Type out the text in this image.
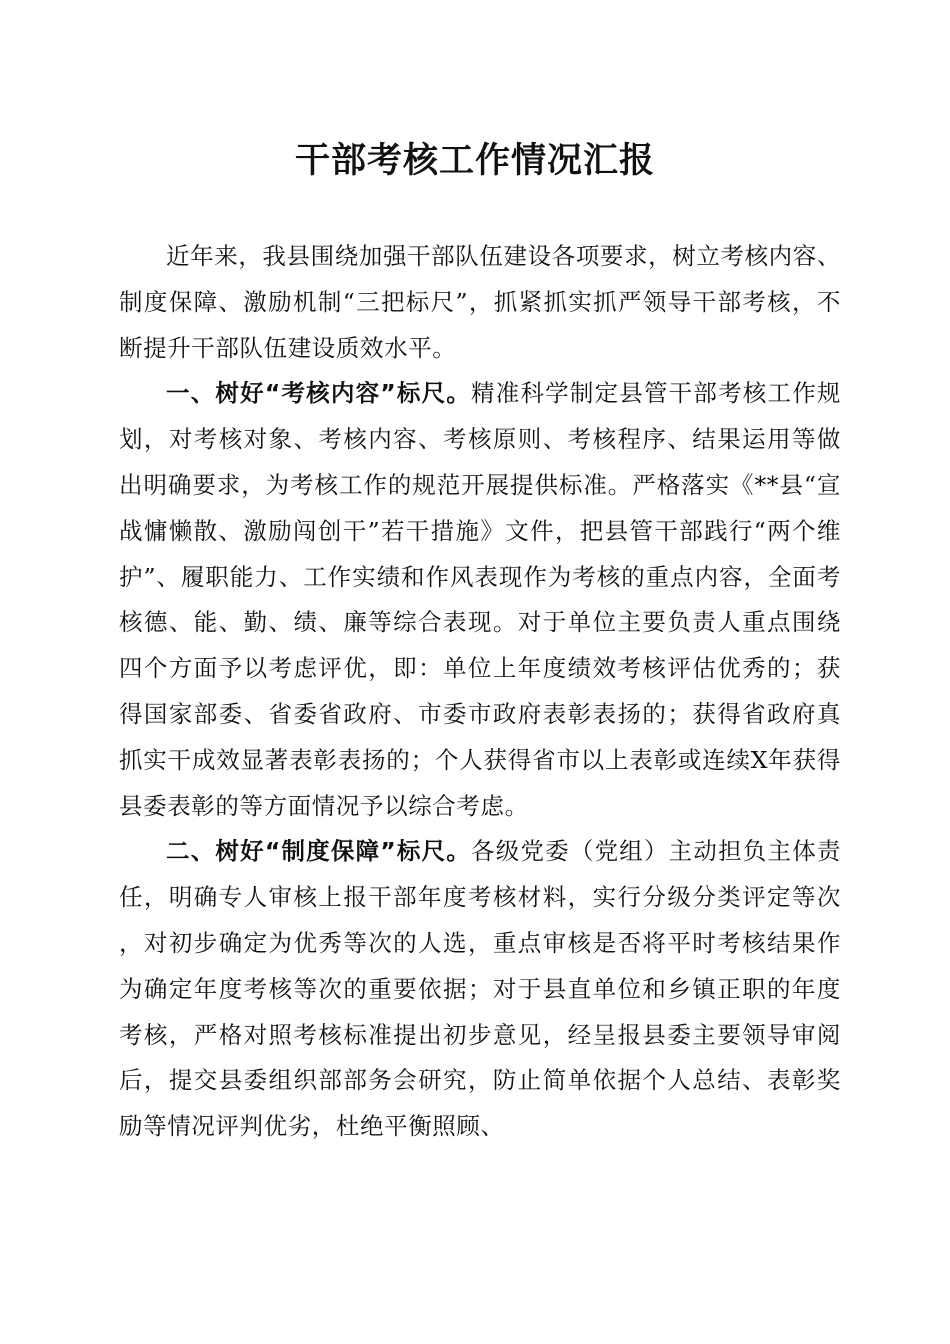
干部考核工作情况汇报

近年来，我县围绕加强干部队伍建设各项要求，树立考核内容、制度保障、激励机制“三把标尺”，抓紧抓实抓严领导干部考核，不断提升干部队伍建设质效水平。

一、树好“考核内容”标尺。精准科学制定县管干部考核工作规划，对考核对象、考核内容、考核原则、考核程序、结果运用等做出明确要求，为考核工作的规范开展提供标准。严格落实《**县“宣战慵懒散、激励闯创干”若干措施》文件，把县管干部践行“两个维护”、履职能力、工作实绩和作风表现作为考核的重点内容，全面考核德、能、勤、绩、廉等综合表现。对于单位主要负责人重点围绕四个方面予以考虑评优，即：单位上年度绩效考核评估优秀的；获得国家部委、省委省政府、市委市政府表彰表扬的；获得省政府真抓实干成效显著表彰表扬的；个人获得省市以上表彰或连续X年获得县委表彰的等方面情况予以综合考虑。

二、树好“制度保障”标尺。各级党委（党组）主动担负主体责任，明确专人审核上报干部年度考核材料，实行分级分类评定等次，对初步确定为优秀等次的人选，重点审核是否将平时考核结果作为确定年度考核等次的重要依据；对于县直单位和乡镇正职的年度考核，严格对照考核标准提出初步意见，经呈报县委主要领导审阅后，提交县委组织部部务会研究，防止简单依据个人总结、表彰奖励等情况评判优劣，杜绝平衡照顾、
